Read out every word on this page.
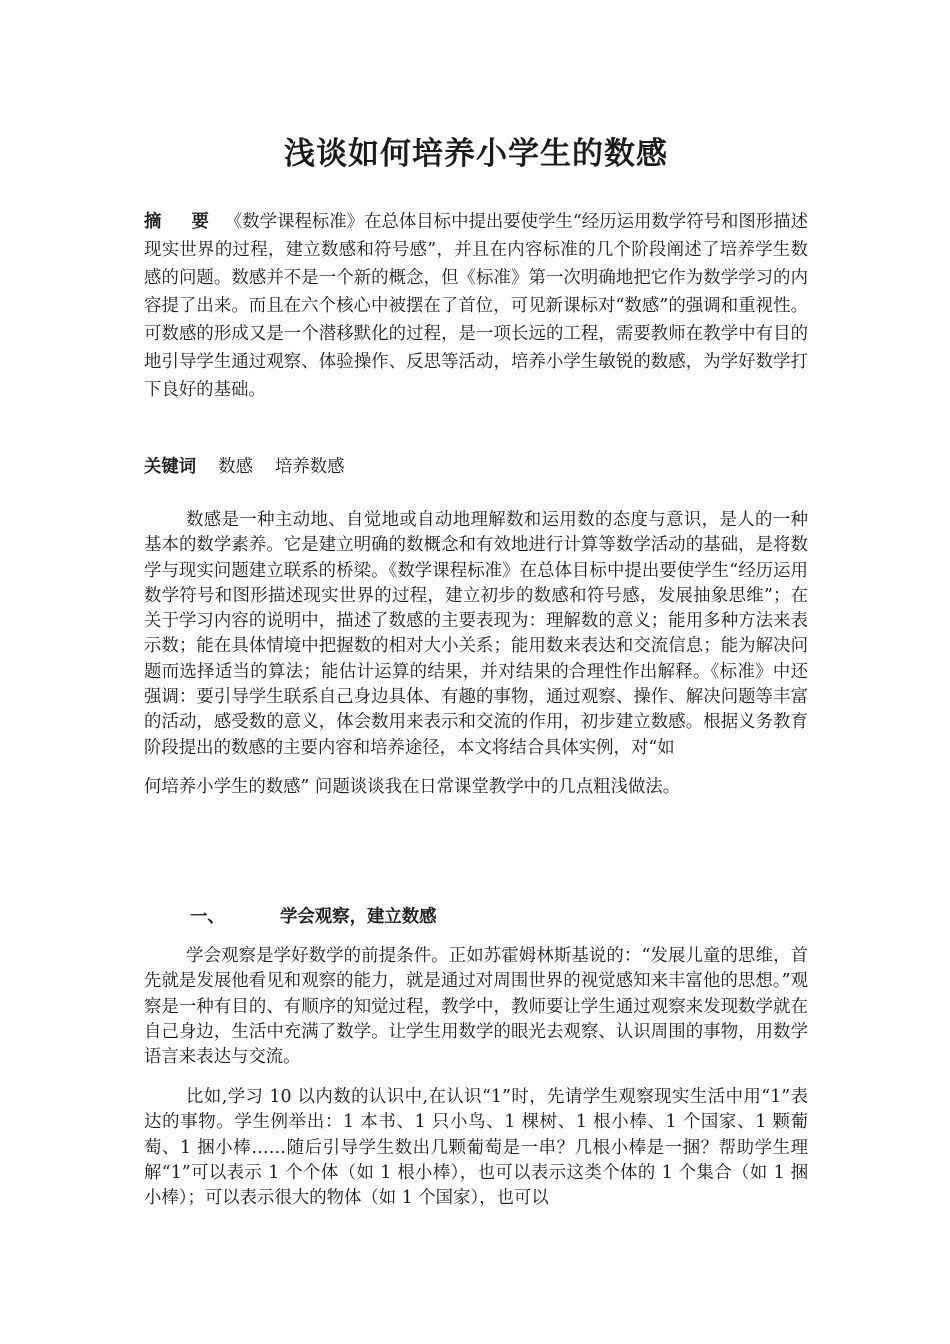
浅谈如何培养小学生的数感

摘 要 《数学课程标准》在总体目标中提出要使学生“经历运用数学符号和图形描述现实世界的过程，建立数感和符号感”，并且在内容标准的几个阶段阐述了培养学生数感的问题。数感并不是一个新的概念，但《标准》第一次明确地把它作为数学学习的内容提了出来。而且在六个核心中被摆在了首位，可见新课标对“数感”的强调和重视性。可数感的形成又是一个潜移默化的过程，是一项长远的工程，需要教师在教学中有目的地引导学生通过观察、体验操作、反思等活动，培养小学生敏锐的数感，为学好数学打下良好的基础。

关键词 数感 培养数感

数感是一种主动地、自觉地或自动地理解数和运用数的态度与意识，是人的一种基本的数学素养。它是建立明确的数概念和有效地进行计算等数学活动的基础，是将数学与现实问题建立联系的桥梁。《数学课程标准》在总体目标中提出要使学生“经历运用数学符号和图形描述现实世界的过程，建立初步的数感和符号感，发展抽象思维”；在关于学习内容的说明中，描述了数感的主要表现为：理解数的意义；能用多种方法来表示数；能在具体情境中把握数的相对大小关系；能用数来表达和交流信息；能为解决问题而选择适当的算法；能估计运算的结果，并对结果的合理性作出解释。《标准》中还强调：要引导学生联系自己身边具体、有趣的事物，通过观察、操作、解决问题等丰富的活动，感受数的意义，体会数用来表示和交流的作用，初步建立数感。根据义务教育阶段提出的数感的主要内容和培养途径，本文将结合具体实例，对“如
何培养小学生的数感” 问题谈谈我在日常课堂教学中的几点粗浅做法。

一、	学会观察，建立数感

学会观察是学好数学的前提条件。正如苏霍姆林斯基说的：“发展儿童的思维，首先就是发展他看见和观察的能力，就是通过对周围世界的视觉感知来丰富他的思想。”观察是一种有目的、有顺序的知觉过程，教学中，教师要让学生通过观察来发现数学就在自己身边，生活中充满了数学。让学生用数学的眼光去观察、认识周围的事物，用数学语言来表达与交流。

比如,学习 10 以内数的认识中,在认识“1”时，先请学生观察现实生活中用“1”表达的事物。学生例举出：1 本书、1 只小鸟、1 棵树、1 根小棒、1 个国家、1 颗葡萄、1 捆小棒……随后引导学生数出几颗葡萄是一串？几根小棒是一捆？帮助学生理解“1”可以表示 1 个个体（如 1 根小棒），也可以表示这类个体的 1 个集合（如 1 捆小棒）；可以表示很大的物体（如 1 个国家），也可以
